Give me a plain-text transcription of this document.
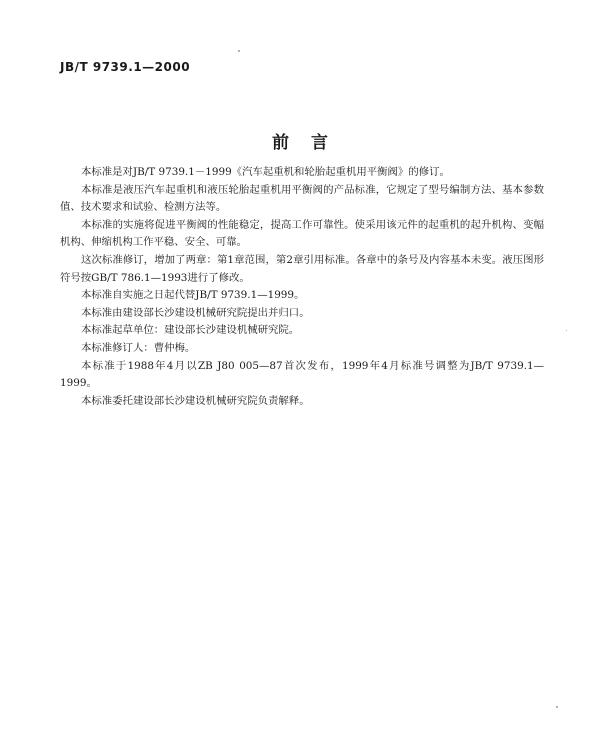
JB/T 9739.1—2000
前言

本标准是对JB/T 9739.1－1999《汽车起重机和轮胎起重机用平衡阀》的修订。

本标准是液压汽车起重机和液压轮胎起重机用平衡阀的产品标准，它规定了型号编制方法、基本参数值、技术要求和试验、检测方法等。

本标准的实施将促进平衡阀的性能稳定，提高工作可靠性。使采用该元件的起重机的起升机构、变幅机构、伸缩机构工作平稳、安全、可靠。

这次标准修订，增加了两章：第1章范围，第2章引用标准。各章中的条号及内容基本未变。液压图形符号按GB/T 786.1—1993进行了修改。

本标准自实施之日起代替JB/T 9739.1—1999。

本标准由建设部长沙建设机械研究院提出并归口。

本标准起草单位：建设部长沙建设机械研究院。

本标准修订人：曹仲梅。

本标准于1988年4月以ZB J80 005—87首次发布，1999年4月标准号调整为JB/T 9739.1—1999。

本标准委托建设部长沙建设机械研究院负责解释。
